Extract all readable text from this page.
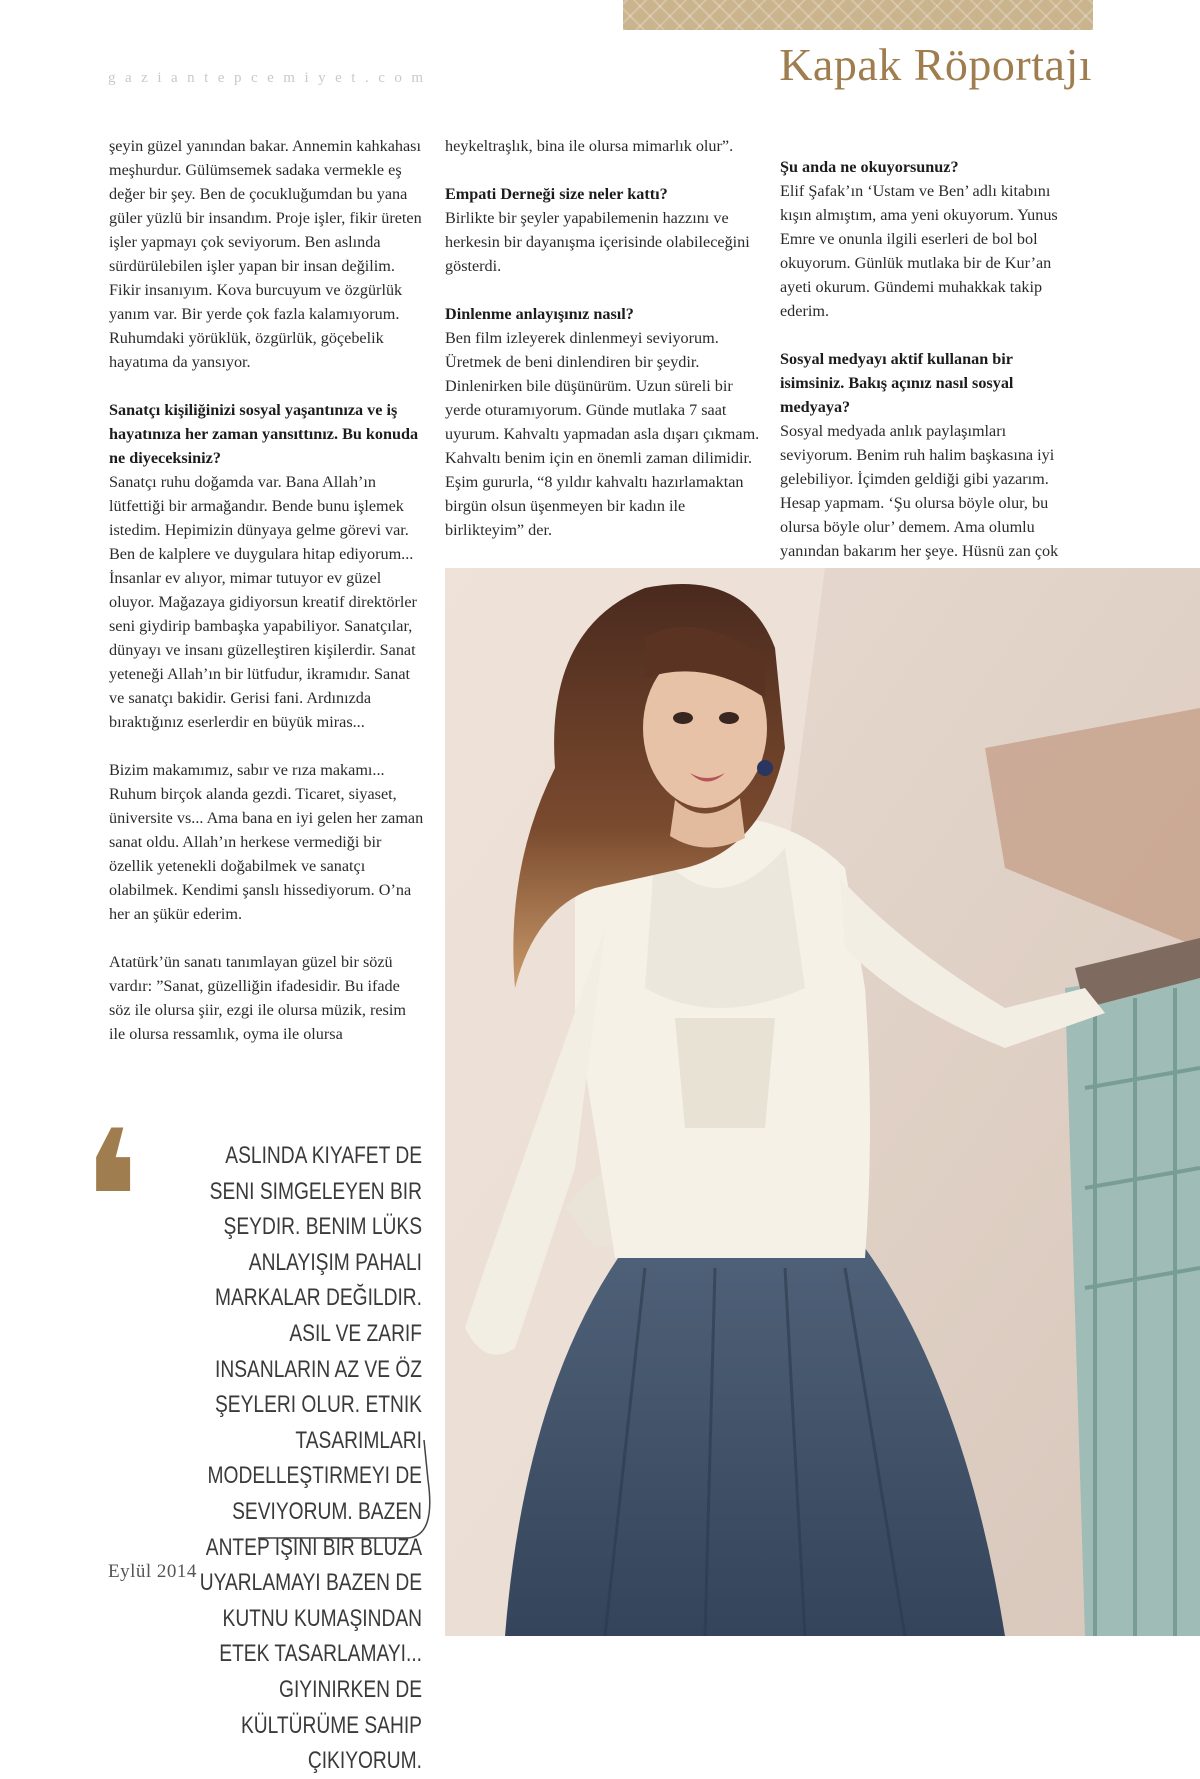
gaziantepcemiyet.com	Kapak Röportajı

şeyin güzel yanından bakar. Annemin kahkahası meşhurdur. Gülümsemek sadaka vermekle eş değer bir şey. Ben de çocukluğumdan bu yana güler yüzlü bir insandım. Proje işler, fikir üreten işler yapmayı çok seviyorum. Ben aslında sürdürülebilen işler yapan bir insan değilim. Fikir insanıyım. Kova burcuyum ve özgürlük yanım var. Bir yerde çok fazla kalamıyorum. Ruhumdaki yörüklük, özgürlük, göçebelik hayatıma da yansıyor.

Sanatçı kişiliğinizi sosyal yaşantınıza ve iş hayatınıza her zaman yansıttınız. Bu konuda ne diyeceksiniz?

Sanatçı ruhu doğamda var. Bana Allah’ın lütfettiği bir armağandır. Bende bunu işlemek istedim. Hepimizin dünyaya gelme görevi var. Ben de kalplere ve duygulara hitap ediyorum... İnsanlar ev alıyor, mimar tutuyor ev güzel oluyor. Mağazaya gidiyorsun kreatif direktörler seni giydirip bambaşka yapabiliyor. Sanatçılar, dünyayı ve insanı güzelleştiren kişilerdir. Sanat yeteneği Allah’ın bir lütfudur, ikramıdır. Sanat ve sanatçı bakidir. Gerisi fani. Ardınızda bıraktığınız eserlerdir en büyük miras...

Bizim makamımız, sabır ve rıza makamı... Ruhum birçok alanda gezdi. Ticaret, siyaset, üniversite vs... Ama bana en iyi gelen her zaman sanat oldu. Allah’ın herkese vermediği bir özellik yetenekli doğabilmek ve sanatçı olabilmek. Kendimi şanslı hissediyorum. O’na her an şükür ederim.

Atatürk’ün sanatı tanımlayan güzel bir sözü vardır: ”Sanat, güzelliğin ifadesidir. Bu ifade söz ile olursa şiir, ezgi ile olursa müzik, resim ile olursa ressamlık, oyma ile olursa

heykeltraşlık, bina ile olursa mimarlık olur”.

Empati Derneği size neler kattı?

Birlikte bir şeyler yapabilemenin hazzını ve herkesin bir dayanışma içerisinde olabileceğini gösterdi.

Dinlenme anlayışınız nasıl?

Ben film izleyerek dinlenmeyi seviyorum. Üretmek de beni dinlendiren bir şeydir. Dinlenirken bile düşünürüm. Uzun süreli bir yerde oturamıyorum. Günde mutlaka 7 saat uyurum. Kahvaltı yapmadan asla dışarı çıkmam. Kahvaltı benim için en önemli zaman dilimidir. Eşim gururla, “8 yıldır kahvaltı hazırlamaktan birgün olsun üşenmeyen bir kadın ile birlikteyim” der.

Şu anda ne okuyorsunuz?

Elif Şafak’ın ‘Ustam ve Ben’ adlı kitabını kışın almıştım, ama yeni okuyorum. Yunus Emre ve onunla ilgili eserleri de bol bol okuyorum. Günlük mutlaka bir de Kur’an ayeti okurum. Gündemi muhakkak takip ederim.

Sosyal medyayı aktif kullanan bir isimsiniz. Bakış açınız nasıl sosyal medyaya?

Sosyal medyada anlık paylaşımları seviyorum. Benim ruh halim başkasına iyi gelebiliyor. İçimden geldiği gibi yazarım. Hesap yapmam. ‘Şu olursa böyle olur, bu olursa böyle olur’ demem. Ama olumlu yanından bakarım her şeye. Hüsnü zan çok

❛	ASLINDA KIYAFET DE SENI SIMGELEYEN BIR ŞEYDIR. BENIM LÜKS ANLAYIŞIM PAHALI MARKALAR DEĞILDIR. ASIL VE ZARIF INSANLARIN AZ VE ÖZ ŞEYLERI OLUR. ETNIK TASARIMLARI MODELLEŞTIRMEYI DE SEVIYORUM. BAZEN ANTEP IŞINI BIR BLUZA UYARLAMAYI BAZEN DE KUTNU KUMAŞINDAN ETEK TASARLAMAYI... GIYINIRKEN DE KÜLTÜRÜME SAHIP ÇIKIYORUM.
Eylül 2014
